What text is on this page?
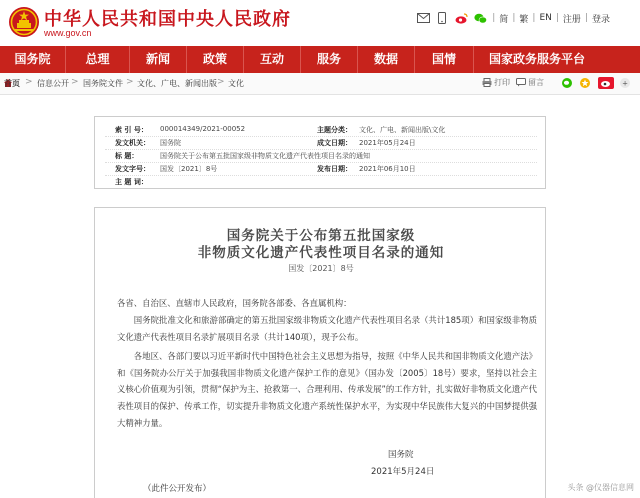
中华人民共和国中央人民政府
www.gov.cn
| 简 | 繁 | EN | 注册 | 登录
国务院	总理	新闻	政策	互动	服务	数据	国情	国家政务服务平台
首页 > 信息公开 > 国务院文件 > 文化、广电、新闻出版 > 文化	打印 留言	+
索 引 号： 000014349/2021-00052	主题分类： 文化、广电、新闻出版\文化
发文机关： 国务院	成文日期： 2021年05月24日
标 题：	国务院关于公布第五批国家级非物质文化遗产代表性项目名录的通知
发文字号： 国发〔2021〕8号	发布日期： 2021年06月10日
主 题 词：
国务院关于公布第五批国家级
非物质文化遗产代表性项目名录的通知
国发〔2021〕8号
各省、自治区、直辖市人民政府，国务院各部委、各直属机构：
国务院批准文化和旅游部确定的第五批国家级非物质文化遗产代表性项目名录（共计185项）和国家级非物质文化遗产代表性项目名录扩展项目名录（共计140项），现予公布。
各地区、各部门要以习近平新时代中国特色社会主义思想为指导，按照《中华人民共和国非物质文化遗产法》和《国务院办公厅关于加强我国非物质文化遗产保护工作的意见》（国办发〔2005〕18号）要求，坚持以社会主义核心价值观为引领，贯彻“保护为主、抢救第一、合理利用、传承发展”的工作方针，扎实做好非物质文化遗产代表性项目的保护、传承工作，切实提升非物质文化遗产系统性保护水平，为实现中华民族伟大复兴的中国梦提供强大精神力量。
国务院
2021年5月24日
（此件公开发布）	头条 @仪器信息网
